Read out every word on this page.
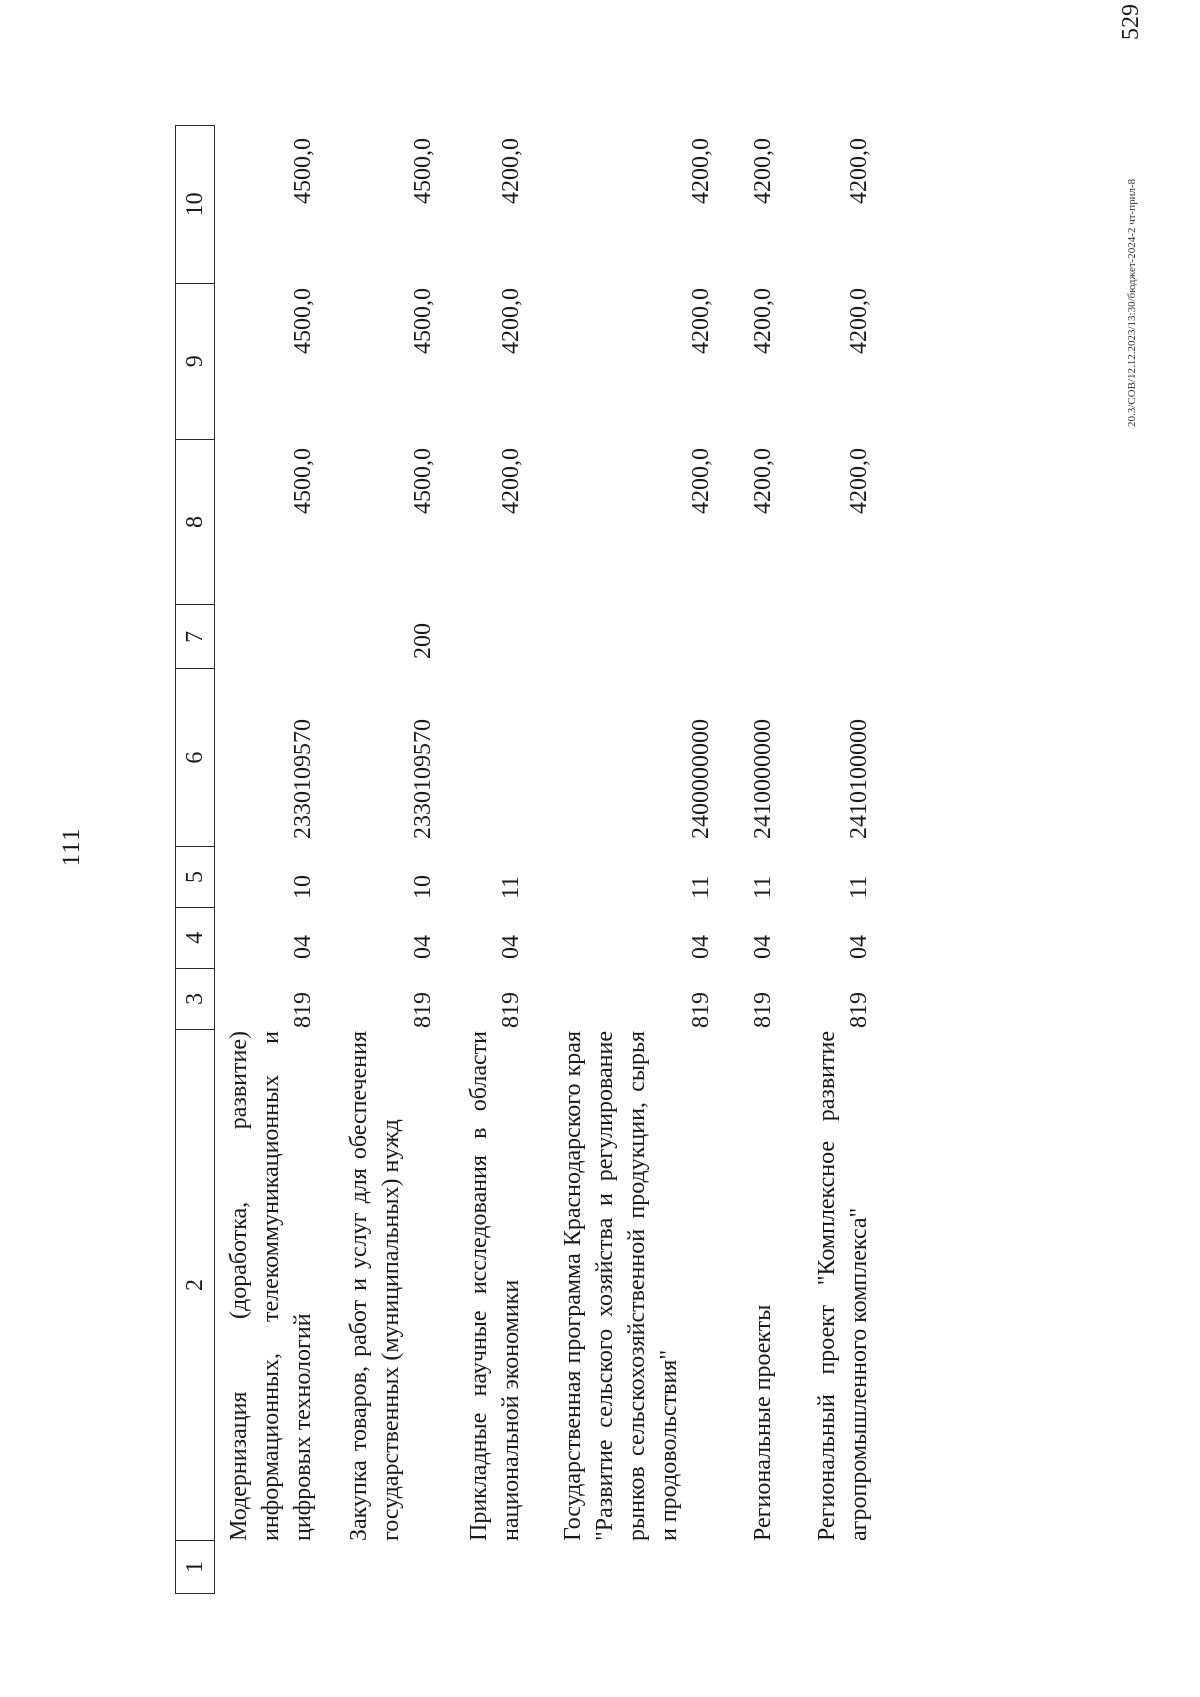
111
1
2
3
4
5
6
7
8
9
10
Модернизация (доработка, развитие) информационных, телекоммуникационных и цифровых технологий
819
04
10
2330109570
4500,0
4500,0
4500,0
Закупка товаров, работ и услуг для обеспечения государственных (муниципальных) нужд
819
04
10
2330109570
200
4500,0
4500,0
4500,0
Прикладные научные исследования в области национальной экономики
819
04
11
4200,0
4200,0
4200,0
Государственная программа Краснодарского края "Развитие сельского хозяйства и регулирование рынков сельскохозяйственной продукции, сырья и продовольствия"
819
04
11
2400000000
4200,0
4200,0
4200,0
Региональные проекты
819
04
11
2410000000
4200,0
4200,0
4200,0
Региональный проект "Комплексное развитие агропромышленного комплекса"
819
04
11
2410100000
4200,0
4200,0
4200,0
20.3/СОВ/12.12.2023/13:30/бюджет-2024-2 чт-прил-8
529
